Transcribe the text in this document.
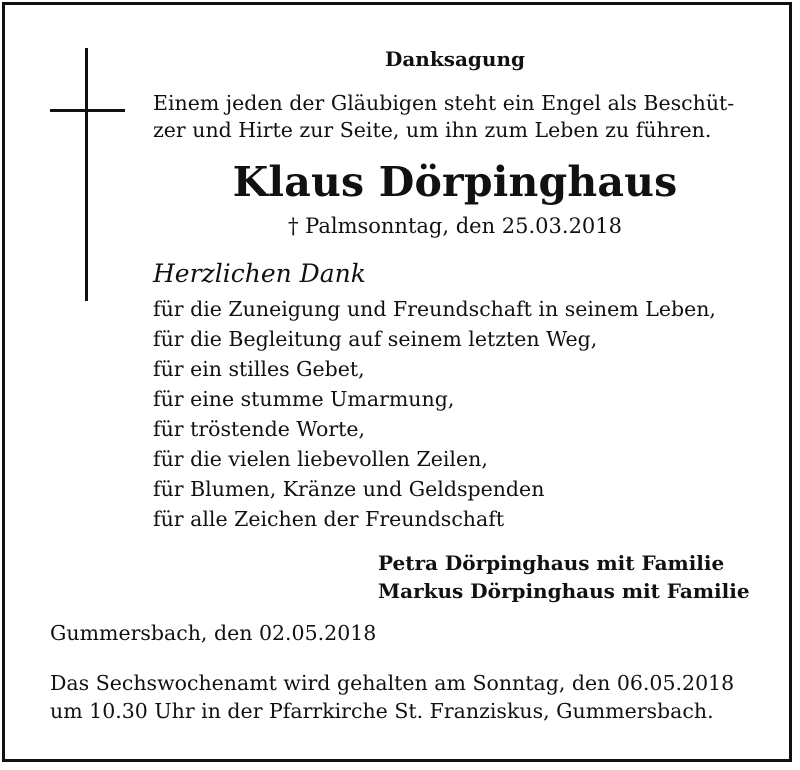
Danksagung
Einem jeden der Gläubigen steht ein Engel als Beschüt-
zer und Hirte zur Seite, um ihn zum Leben zu führen.
Klaus Dörpinghaus
† Palmsonntag, den 25.03.2018
Herzlichen Dank
für die Zuneigung und Freundschaft in seinem Leben,
für die Begleitung auf seinem letzten Weg,
für ein stilles Gebet,
für eine stumme Umarmung,
für tröstende Worte,
für die vielen liebevollen Zeilen,
für Blumen, Kränze und Geldspenden
für alle Zeichen der Freundschaft
Petra Dörpinghaus mit Familie
Markus Dörpinghaus mit Familie
Gummersbach, den 02.05.2018
Das Sechswochenamt wird gehalten am Sonntag, den 06.05.2018
um 10.30 Uhr in der Pfarrkirche St. Franziskus, Gummersbach.
